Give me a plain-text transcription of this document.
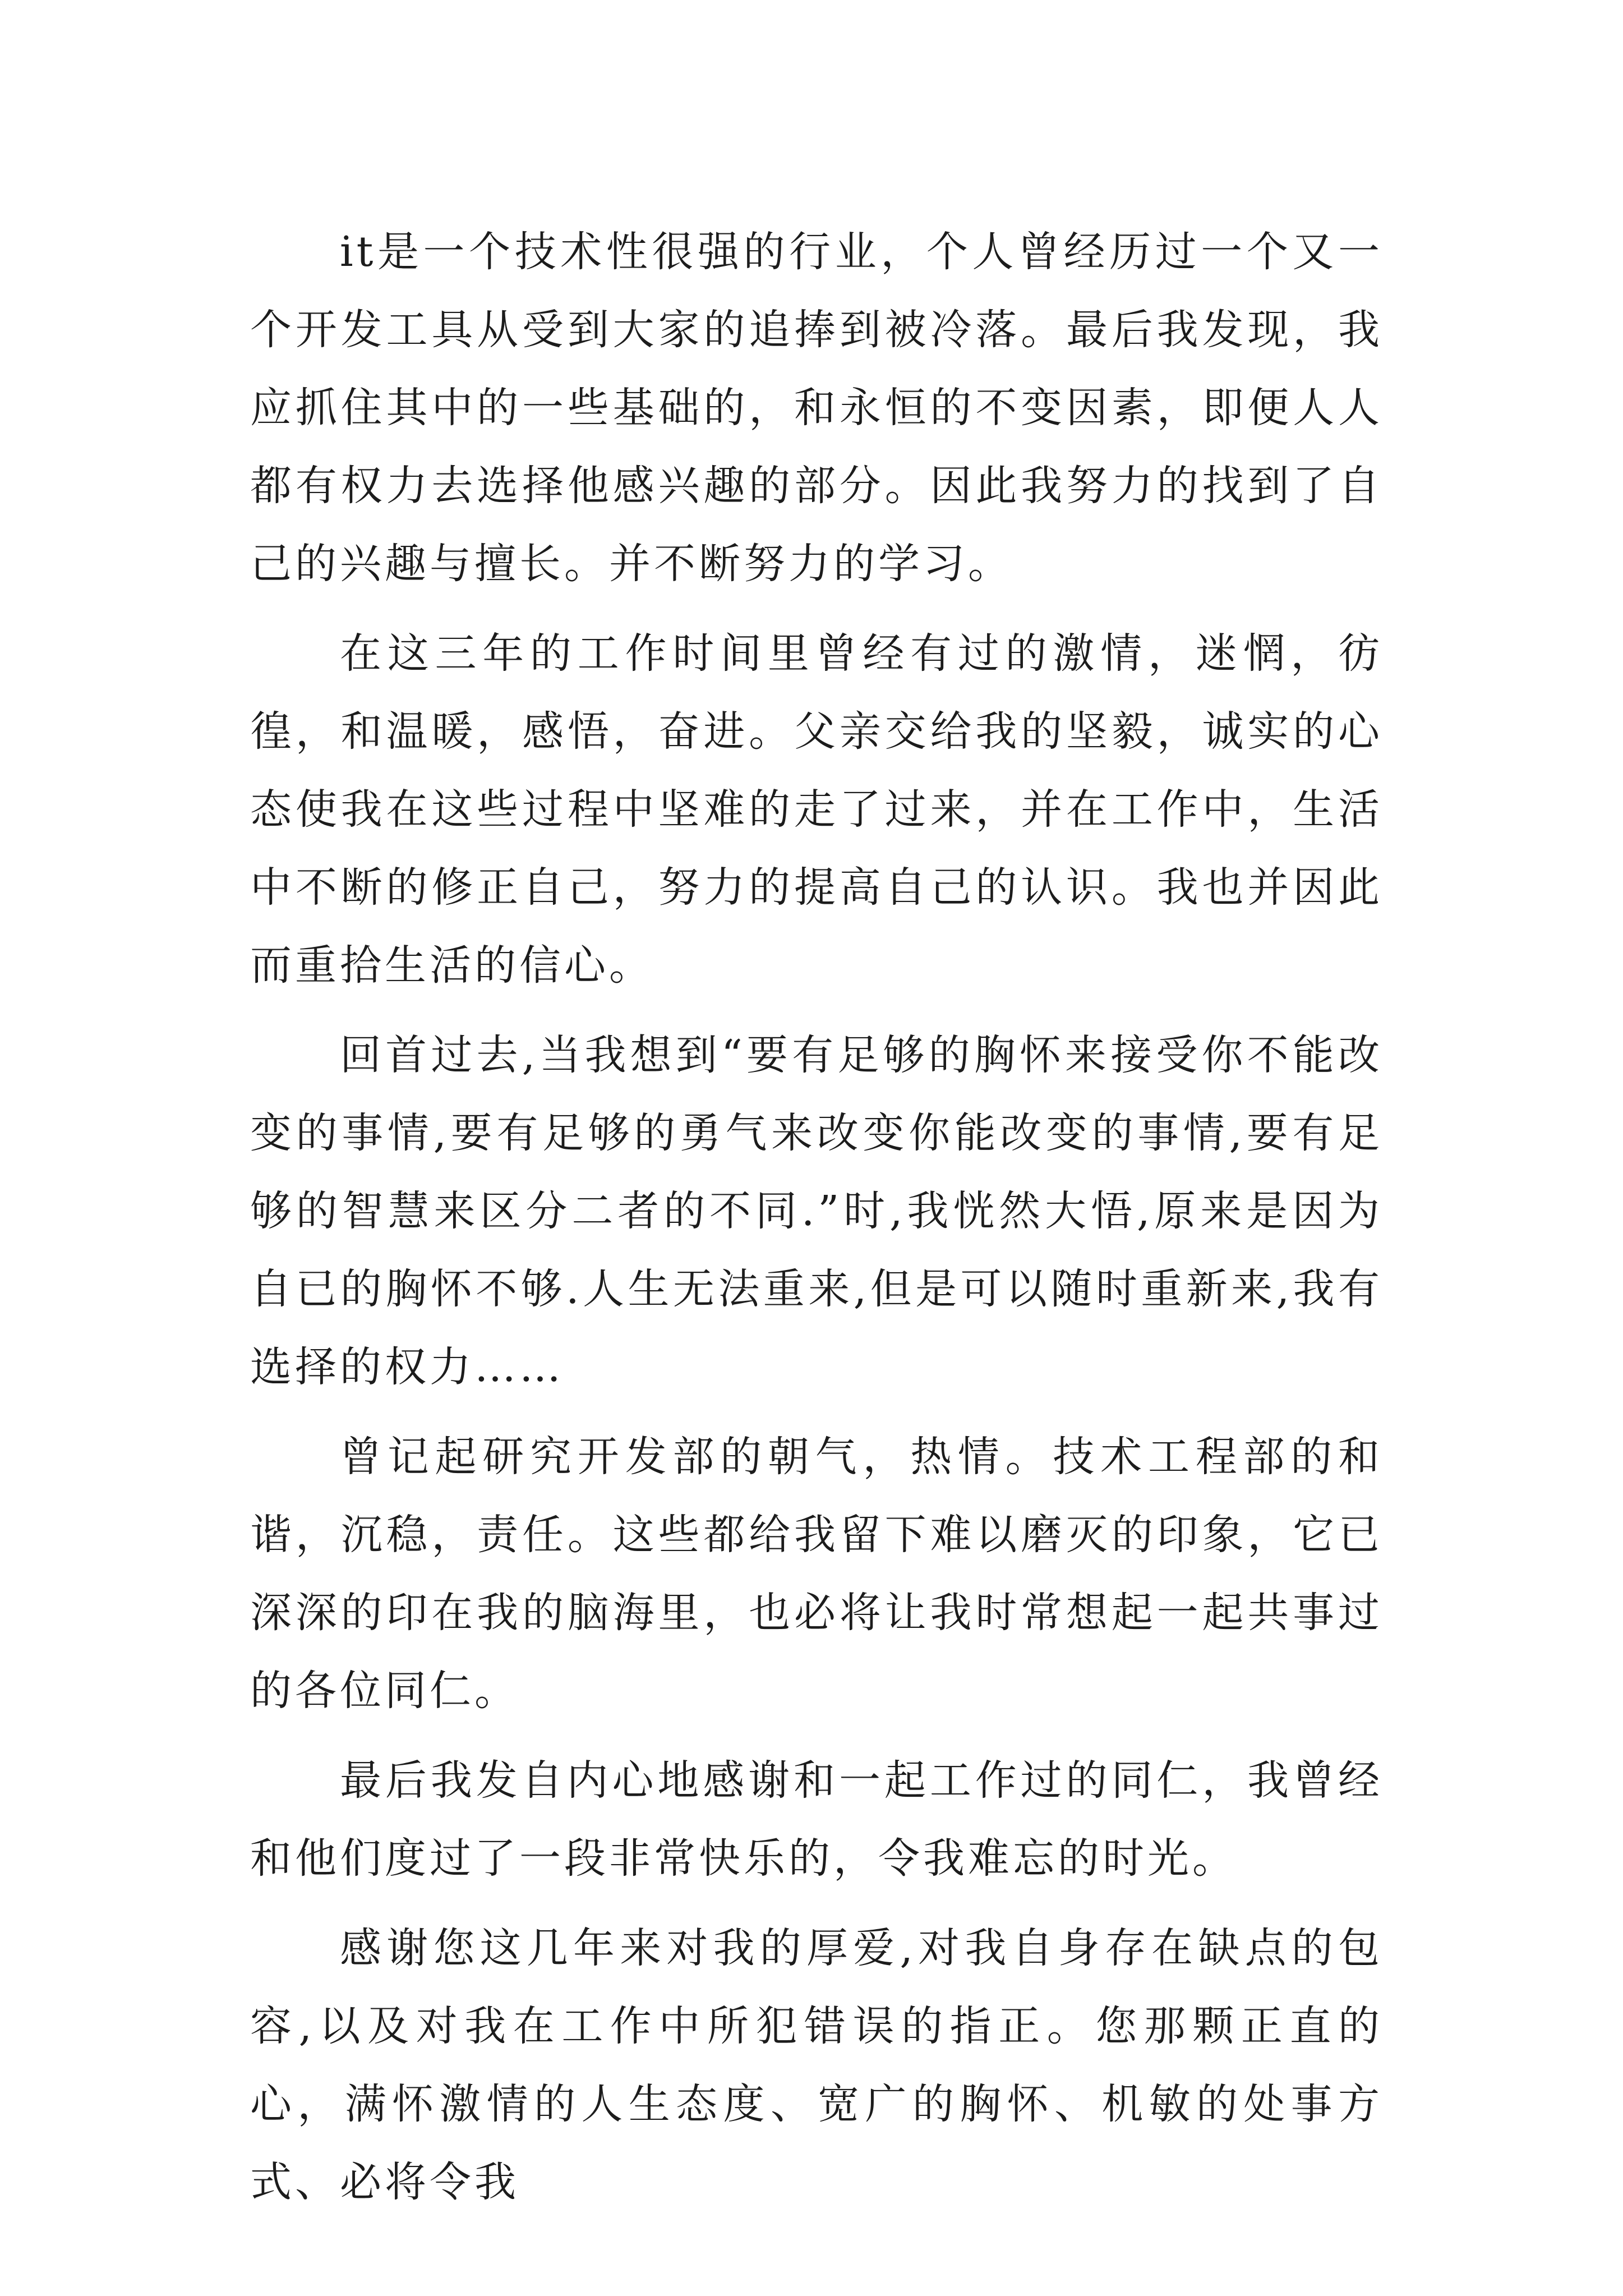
it是一个技术性很强的行业，个人曾经历过一个又一个开发工具从受到大家的追捧到被冷落。最后我发现，我应抓住其中的一些基础的，和永恒的不变因素，即便人人都有权力去选择他感兴趣的部分。因此我努力的找到了自己的兴趣与擅长。并不断努力的学习。

在这三年的工作时间里曾经有过的激情，迷惘，彷徨，和温暖，感悟，奋进。父亲交给我的坚毅，诚实的心态使我在这些过程中坚难的走了过来，并在工作中，生活中不断的修正自己，努力的提高自己的认识。我也并因此而重拾生活的信心。

回首过去,当我想到“要有足够的胸怀来接受你不能改变的事情,要有足够的勇气来改变你能改变的事情,要有足够的智慧来区分二者的不同.”时,我恍然大悟,原来是因为自已的胸怀不够.人生无法重来,但是可以随时重新来,我有选择的权力……

曾记起研究开发部的朝气，热情。技术工程部的和谐，沉稳，责任。这些都给我留下难以磨灭的印象，它已深深的印在我的脑海里，也必将让我时常想起一起共事过的各位同仁。

最后我发自内心地感谢和一起工作过的同仁，我曾经和他们度过了一段非常快乐的，令我难忘的时光。

感谢您这几年来对我的厚爱,对我自身存在缺点的包容,以及对我在工作中所犯错误的指正。您那颗正直的心，满怀激情的人生态度、宽广的胸怀、机敏的处事方式、必将令我
